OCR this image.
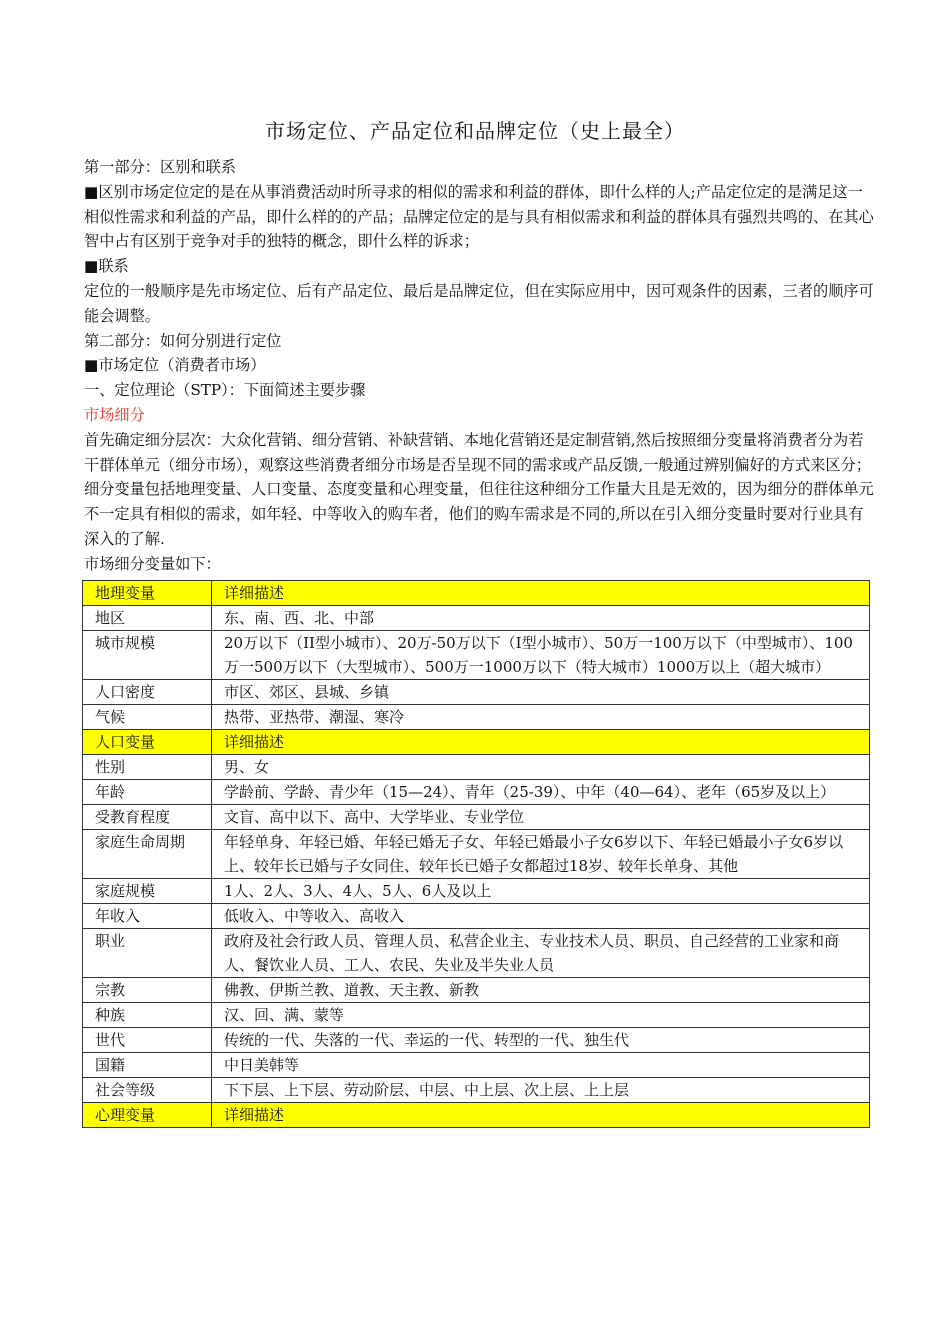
市场定位、产品定位和品牌定位（史上最全）

第一部分：区别和联系

■区别市场定位定的是在从事消费活动时所寻求的相似的需求和利益的群体，即什么样的人;产品定位定的是满足这一相似性需求和利益的产品，即什么样的的产品；品牌定位定的是与具有相似需求和利益的群体具有强烈共鸣的、在其心智中占有区别于竞争对手的独特的概念，即什么样的诉求；

■联系

定位的一般顺序是先市场定位、后有产品定位、最后是品牌定位，但在实际应用中，因可观条件的因素，三者的顺序可能会调整。

第二部分：如何分别进行定位

■市场定位（消费者市场）

一、定位理论（STP）：下面简述主要步骤

市场细分

首先确定细分层次：大众化营销、细分营销、补缺营销、本地化营销还是定制营销,然后按照细分变量将消费者分为若干群体单元（细分市场），观察这些消费者细分市场是否呈现不同的需求或产品反馈,一般通过辨别偏好的方式来区分；细分变量包括地理变量、人口变量、态度变量和心理变量，但往往这种细分工作量大且是无效的，因为细分的群体单元不一定具有相似的需求，如年轻、中等收入的购车者，他们的购车需求是不同的,所以在引入细分变量时要对行业具有深入的了解.

市场细分变量如下：

地理变量	详细描述

地区	东、南、西、北、中部

城市规模	20万以下（II型小城市）、20万-50万以下（I型小城市）、50万一100万以下（中型城市）、100万一500万以下（大型城市）、500万一1000万以下（特大城市）1000万以上（超大城市）

人口密度	市区、郊区、县城、乡镇

气候	热带、亚热带、潮湿、寒冷

人口变量	详细描述

性别	男、女

年龄	学龄前、学龄、青少年（15—24）、青年（25-39）、中年（40—64）、老年（65岁及以上）

受教育程度	文盲、高中以下、高中、大学毕业、专业学位

家庭生命周期	年轻单身、年轻已婚、年轻已婚无子女、年轻已婚最小子女6岁以下、年轻已婚最小子女6岁以上、较年长已婚与子女同住、较年长已婚子女都超过18岁、较年长单身、其他

家庭规模	1人、2人、3人、4人、5人、6人及以上

年收入	低收入、中等收入、高收入

职业	政府及社会行政人员、管理人员、私营企业主、专业技术人员、职员、自己经营的工业家和商人、餐饮业人员、工人、农民、失业及半失业人员

宗教	佛教、伊斯兰教、道教、天主教、新教

种族	汉、回、满、蒙等

世代	传统的一代、失落的一代、幸运的一代、转型的一代、独生代

国籍	中日美韩等

社会等级	下下层、上下层、劳动阶层、中层、中上层、次上层、上上层

心理变量	详细描述
